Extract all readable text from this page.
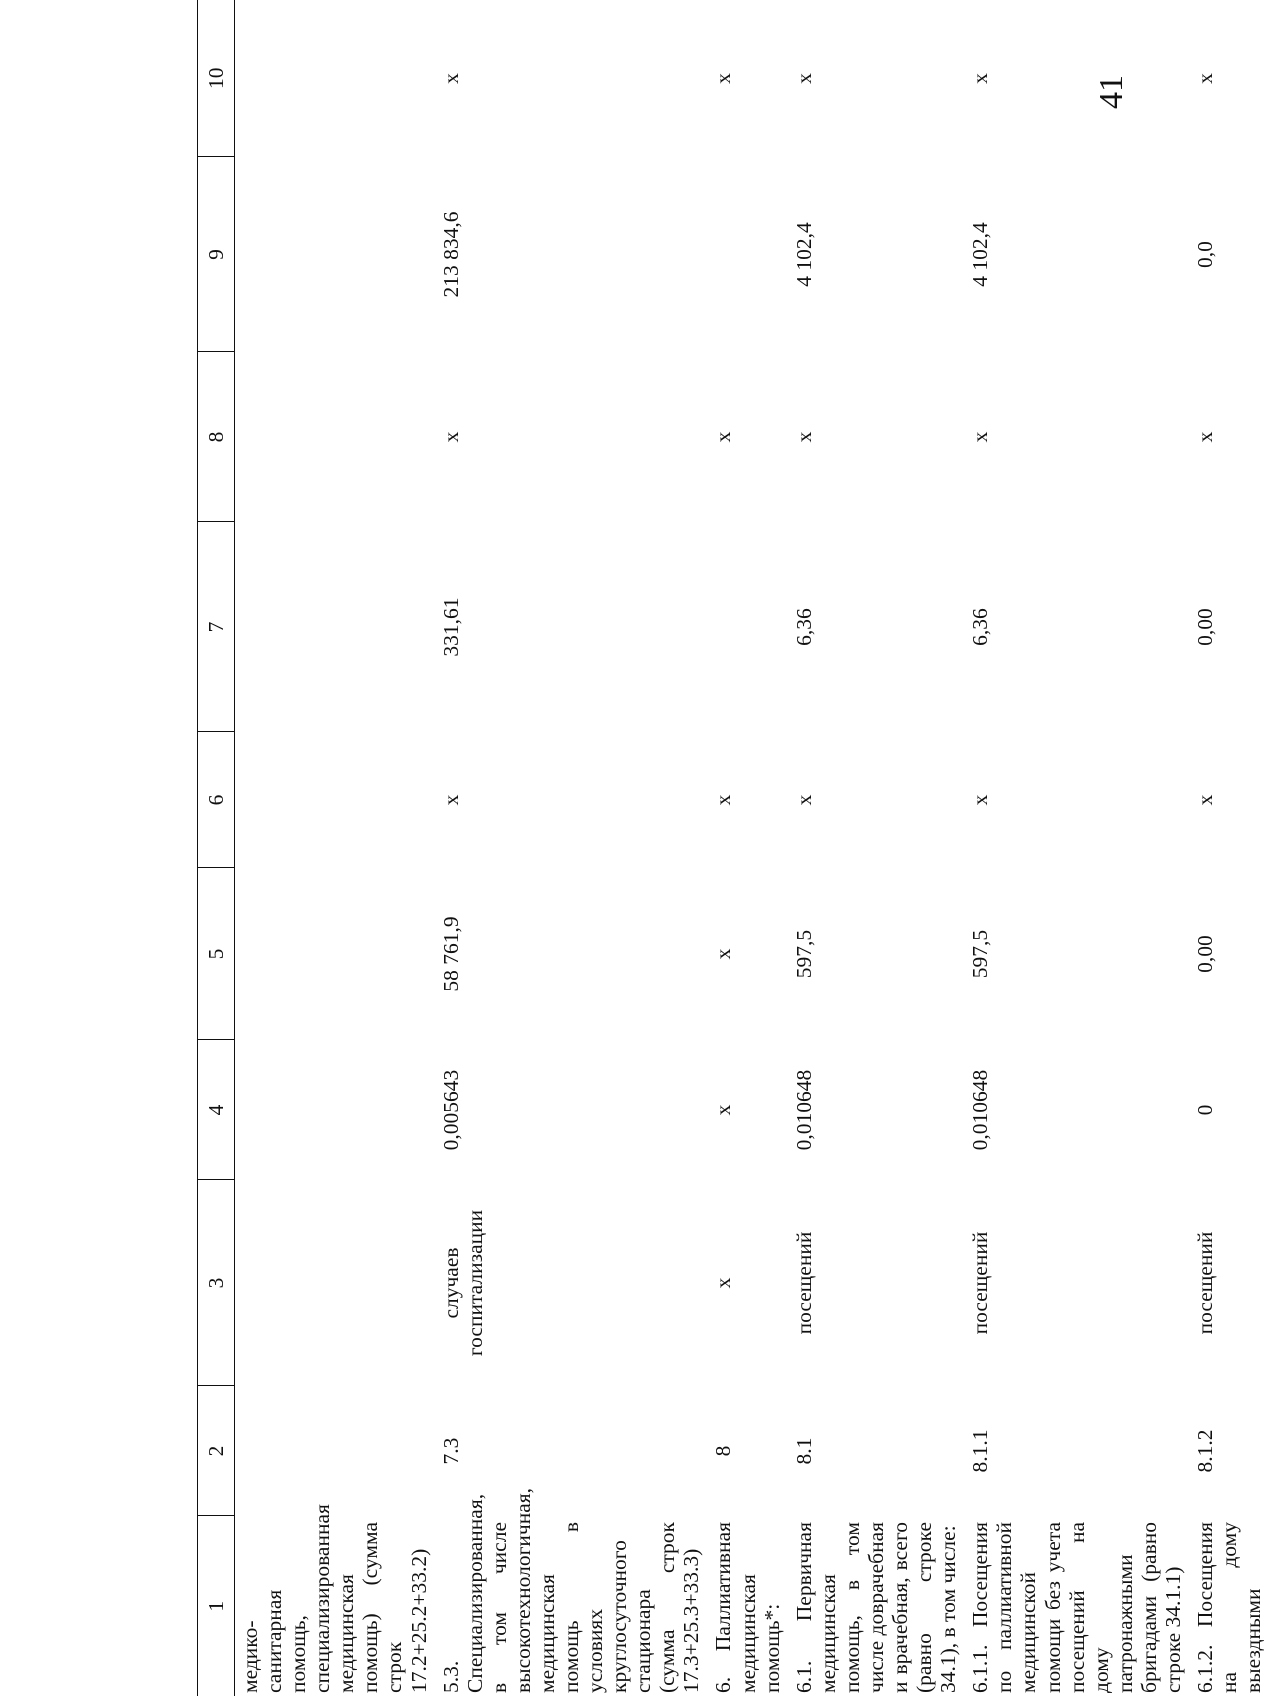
41
1	2	3	4	5	6	7	8	9	10
медико-санитарная помощь, специализированная медицинская помощь) (сумма строк 17.2+25.2+33.2)									
5.3. Специализированная, в том числе высокотехнологичная, медицинская помощь в условиях круглосуточного стационара (сумма строк 17.3+25.3+33.3)	7.3	случаев госпитализации	0,005643	58 761,9	x	331,61	x	213 834,6	x
6. Паллиативная медицинская помощь*:	8	x	x	x	x		x		x
6.1. Первичная медицинская помощь, в том числе доврачебная и врачебная, всего (равно строке 34.1), в том числе:	8.1	посещений	0,010648	597,5	x	6,36	x	4 102,4	x
6.1.1. Посещения по паллиативной медицинской помощи без учета посещений на дому патронажными бригадами (равно строке 34.1.1)	8.1.1	посещений	0,010648	597,5	x	6,36	x	4 102,4	x
6.1.2. Посещения на дому выездными	8.1.2	посещений	0	0,00	x	0,00	x	0,0	x
